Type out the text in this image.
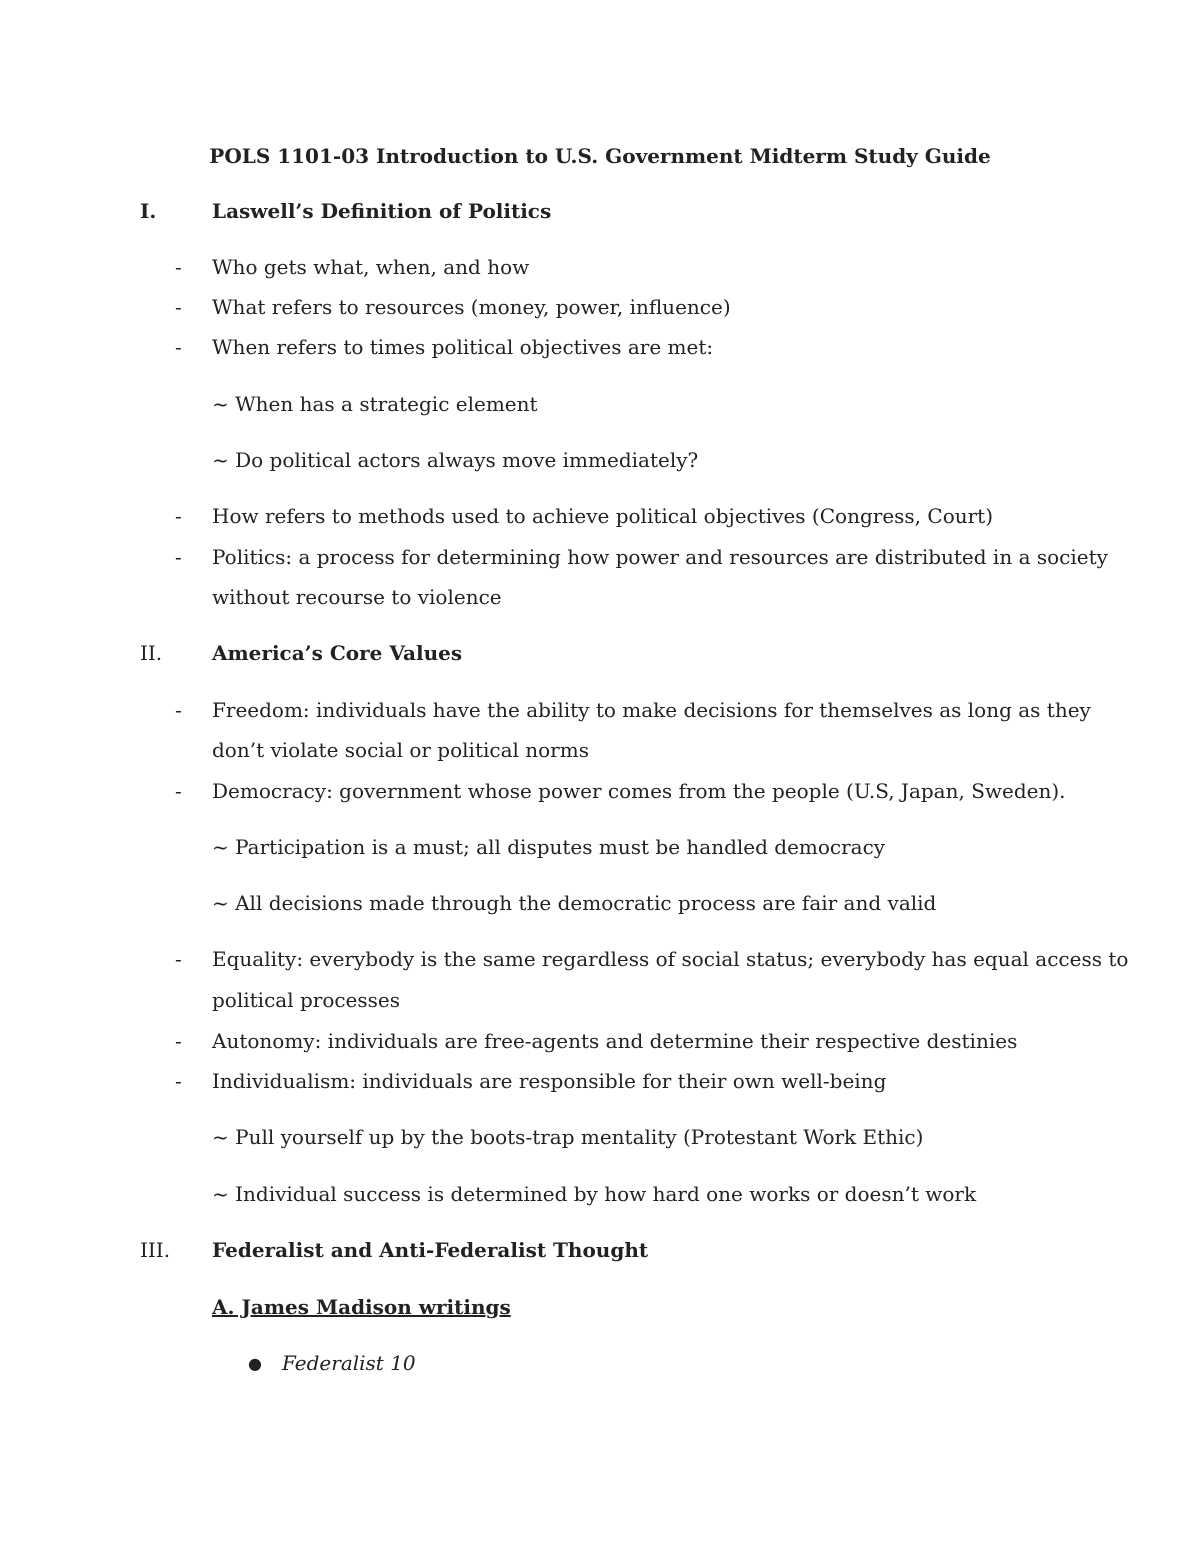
POLS 1101-03 Introduction to U.S. Government Midterm Study Guide
I.	Laswell’s Definition of Politics
-	Who gets what, when, and how
-	What refers to resources (money, power, influence)
-	When refers to times political objectives are met:
~ When has a strategic element
~ Do political actors always move immediately?
-	How refers to methods used to achieve political objectives (Congress, Court)
-	Politics: a process for determining how power and resources are distributed in a society
without recourse to violence
II.	America’s Core Values
-	Freedom: individuals have the ability to make decisions for themselves as long as they
don’t violate social or political norms
-	Democracy: government whose power comes from the people (U.S, Japan, Sweden).
~ Participation is a must; all disputes must be handled democracy
~ All decisions made through the democratic process are fair and valid
-	Equality: everybody is the same regardless of social status; everybody has equal access to
political processes
-	Autonomy: individuals are free-agents and determine their respective destinies
-	Individualism: individuals are responsible for their own well-being
~ Pull yourself up by the boots-trap mentality (Protestant Work Ethic)
~ Individual success is determined by how hard one works or doesn’t work
III.	Federalist and Anti-Federalist Thought
A. James Madison writings
● Federalist 10
